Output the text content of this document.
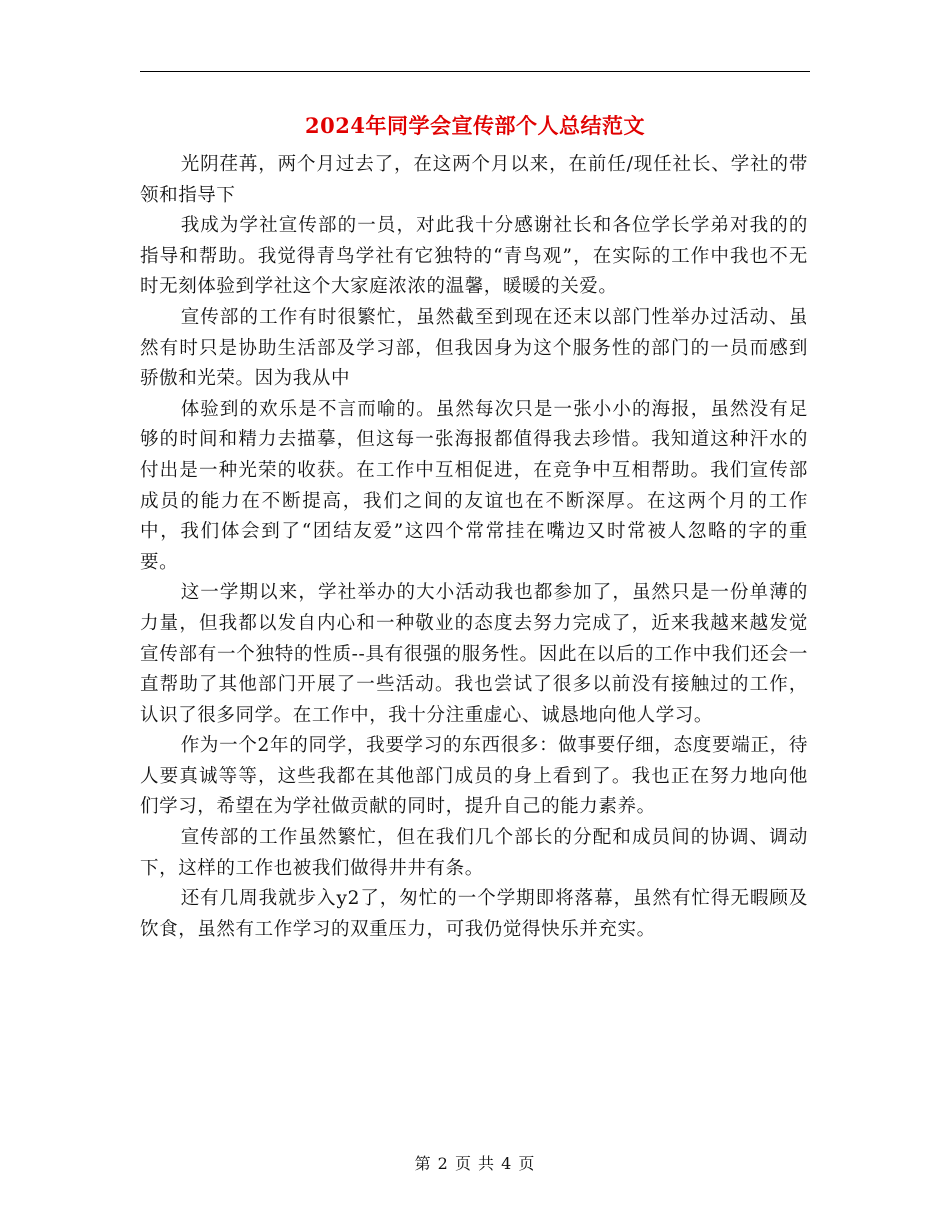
2024年同学会宣传部个人总结范文

光阴荏苒，两个月过去了，在这两个月以来，在前任/现任社长、学社的带领和指导下

我成为学社宣传部的一员，对此我十分感谢社长和各位学长学弟对我的的指导和帮助。我觉得青鸟学社有它独特的“青鸟观”，在实际的工作中我也不无时无刻体验到学社这个大家庭浓浓的温馨，暖暖的关爱。

宣传部的工作有时很繁忙，虽然截至到现在还末以部门性举办过活动、虽然有时只是协助生活部及学习部，但我因身为这个服务性的部门的一员而感到骄傲和光荣。因为我从中

体验到的欢乐是不言而喻的。虽然每次只是一张小小的海报，虽然没有足够的时间和精力去描摹，但这每一张海报都值得我去珍惜。我知道这种汗水的付出是一种光荣的收获。在工作中互相促进，在竞争中互相帮助。我们宣传部成员的能力在不断提高，我们之间的友谊也在不断深厚。在这两个月的工作中，我们体会到了“团结友爱”这四个常常挂在嘴边又时常被人忽略的字的重要。

这一学期以来，学社举办的大小活动我也都参加了，虽然只是一份单薄的力量，但我都以发自内心和一种敬业的态度去努力完成了，近来我越来越发觉宣传部有一个独特的性质--具有很强的服务性。因此在以后的工作中我们还会一直帮助了其他部门开展了一些活动。我也尝试了很多以前没有接触过的工作，认识了很多同学。在工作中，我十分注重虚心、诚恳地向他人学习。

作为一个2年的同学，我要学习的东西很多：做事要仔细，态度要端正，待人要真诚等等，这些我都在其他部门成员的身上看到了。我也正在努力地向他们学习，希望在为学社做贡献的同时，提升自己的能力素养。

宣传部的工作虽然繁忙，但在我们几个部长的分配和成员间的协调、调动下，这样的工作也被我们做得井井有条。

还有几周我就步入y2了，匆忙的一个学期即将落幕，虽然有忙得无暇顾及饮食，虽然有工作学习的双重压力，可我仍觉得快乐并充实。

第 2 页 共 4 页
